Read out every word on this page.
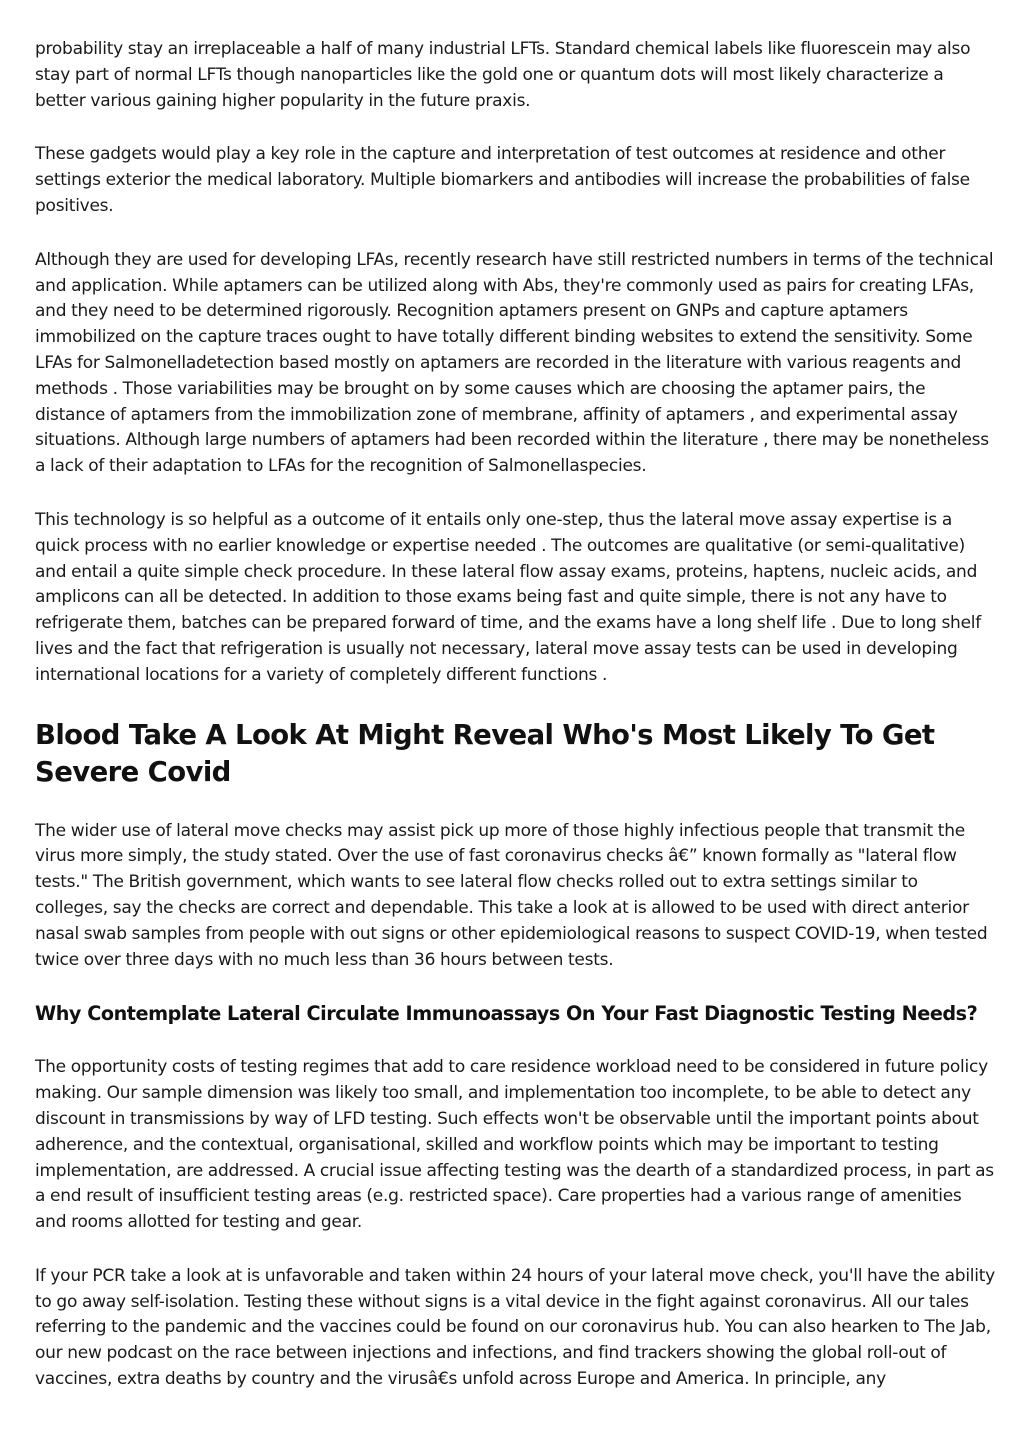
probability stay an irreplaceable a half of many industrial LFTs. Standard chemical labels like fluorescein may also stay part of normal LFTs though nanoparticles like the gold one or quantum dots will most likely characterize a better various gaining higher popularity in the future praxis.

These gadgets would play a key role in the capture and interpretation of test outcomes at residence and other settings exterior the medical laboratory. Multiple biomarkers and antibodies will increase the probabilities of false positives.

Although they are used for developing LFAs, recently research have still restricted numbers in terms of the technical and application. While aptamers can be utilized along with Abs, they're commonly used as pairs for creating LFAs, and they need to be determined rigorously. Recognition aptamers present on GNPs and capture aptamers immobilized on the capture traces ought to have totally different binding websites to extend the sensitivity. Some LFAs for Salmonelladetection based mostly on aptamers are recorded in the literature with various reagents and methods . Those variabilities may be brought on by some causes which are choosing the aptamer pairs, the distance of aptamers from the immobilization zone of membrane, affinity of aptamers , and experimental assay situations. Although large numbers of aptamers had been recorded within the literature , there may be nonetheless a lack of their adaptation to LFAs for the recognition of Salmonellaspecies.

This technology is so helpful as a outcome of it entails only one-step, thus the lateral move assay expertise is a quick process with no earlier knowledge or expertise needed . The outcomes are qualitative (or semi-qualitative) and entail a quite simple check procedure. In these lateral flow assay exams, proteins, haptens, nucleic acids, and amplicons can all be detected. In addition to those exams being fast and quite simple, there is not any have to refrigerate them, batches can be prepared forward of time, and the exams have a long shelf life . Due to long shelf lives and the fact that refrigeration is usually not necessary, lateral move assay tests can be used in developing international locations for a variety of completely different functions .

Blood Take A Look At Might Reveal Who's Most Likely To Get Severe Covid

The wider use of lateral move checks may assist pick up more of those highly infectious people that transmit the virus more simply, the study stated. Over the use of fast coronavirus checks â€” known formally as "lateral flow tests." The British government, which wants to see lateral flow checks rolled out to extra settings similar to colleges, say the checks are correct and dependable. This take a look at is allowed to be used with direct anterior nasal swab samples from people with out signs or other epidemiological reasons to suspect COVID-19, when tested twice over three days with no much less than 36 hours between tests.

Why Contemplate Lateral Circulate Immunoassays On Your Fast Diagnostic Testing Needs?

The opportunity costs of testing regimes that add to care residence workload need to be considered in future policy making. Our sample dimension was likely too small, and implementation too incomplete, to be able to detect any discount in transmissions by way of LFD testing. Such effects won't be observable until the important points about adherence, and the contextual, organisational, skilled and workflow points which may be important to testing implementation, are addressed. A crucial issue affecting testing was the dearth of a standardized process, in part as a end result of insufficient testing areas (e.g. restricted space). Care properties had a various range of amenities and rooms allotted for testing and gear.

If your PCR take a look at is unfavorable and taken within 24 hours of your lateral move check, you'll have the ability to go away self-isolation. Testing these without signs is a vital device in the fight against coronavirus. All our tales referring to the pandemic and the vaccines could be found on our coronavirus hub. You can also hearken to The Jab, our new podcast on the race between injections and infections, and find trackers showing the global roll-out of vaccines, extra deaths by country and the virusâ€s unfold across Europe and America. In principle, any
